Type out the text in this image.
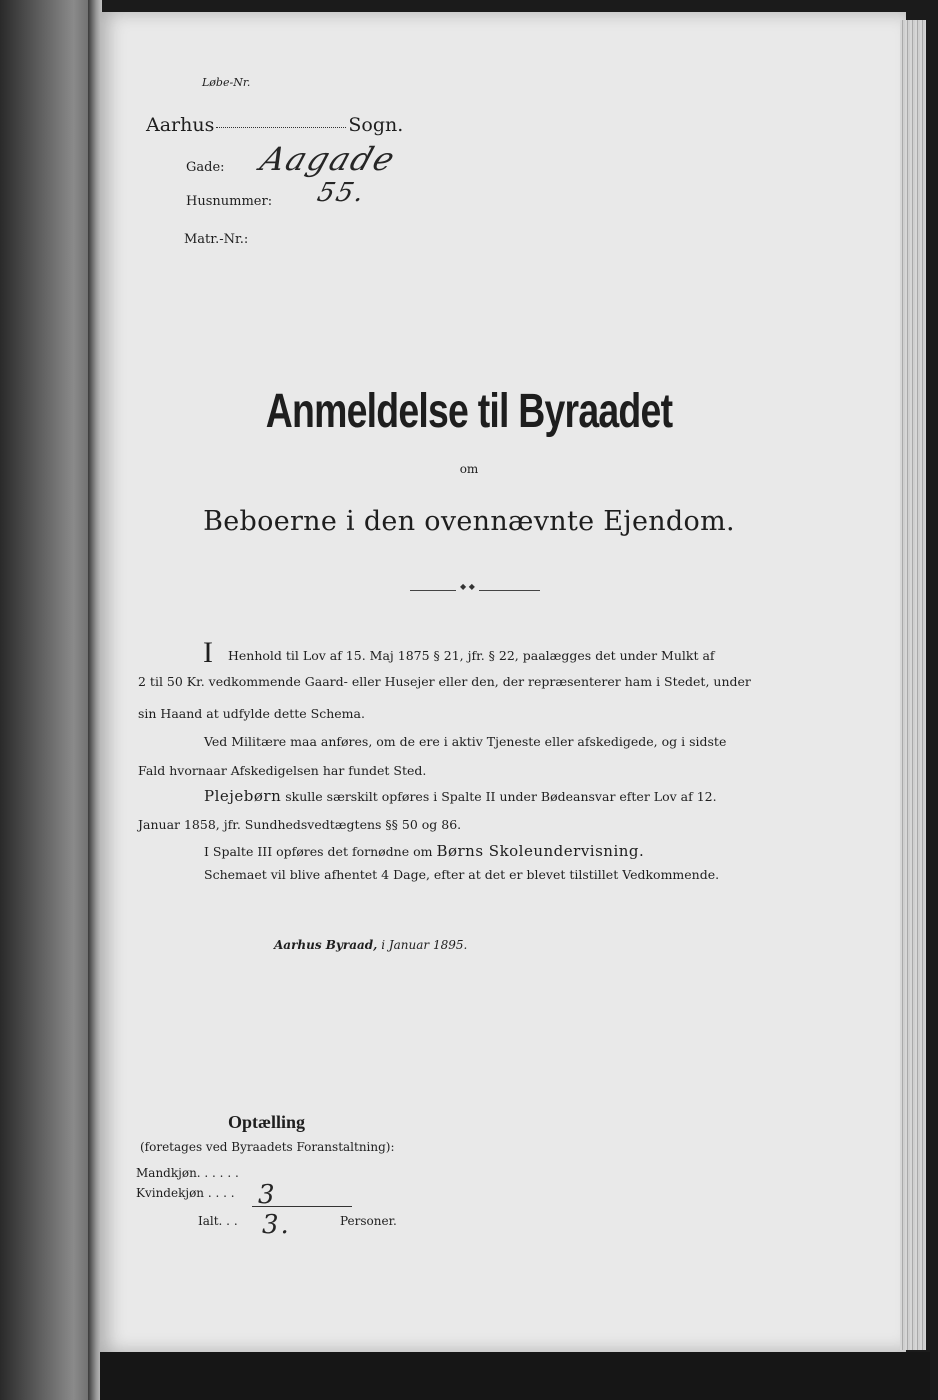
Løbe-Nr.
Aarhus	Sogn.
Gade: Aagade
Husnummer: 55.
Matr.-Nr.:
Anmeldelse til Byraadet
om
Beboerne i den ovennævnte Ejendom.
◆ ◆
I Henhold til Lov af 15. Maj 1875 § 21, jfr. § 22, paalægges det under Mulkt af
2 til 50 Kr. vedkommende Gaard- eller Husejer eller den, der repræsenterer ham i Stedet, under
sin Haand at udfylde dette Schema.
Ved Militære maa anføres, om de ere i aktiv Tjeneste eller afskedigede, og i sidste
Fald hvornaar Afskedigelsen har fundet Sted.
Plejebørn skulle særskilt opføres i Spalte II under Bødeansvar efter Lov af 12.
Januar 1858, jfr. Sundhedsvedtægtens §§ 50 og 86.
I Spalte III opføres det fornødne om Børns Skoleundervisning.
Schemaet vil blive afhentet 4 Dage, efter at det er blevet tilstillet Vedkommende.
Aarhus Byraad, i Januar 1895.
Optælling
(foretages ved Byraadets Foranstaltning):
Mandkjøn. . . . . .
Kvindekjøn . . . . 3
Ialt. . . 3.	Personer.
